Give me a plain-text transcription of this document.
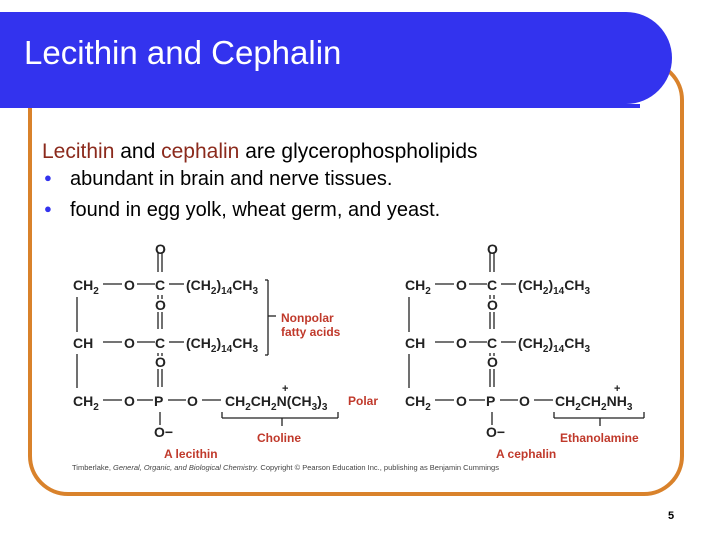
Lecithin and Cephalin
Lecithin and cephalin are glycerophospholipids
● abundant in brain and nerve tissues.
● found in egg yolk, wheat germ, and yeast.
O
$CH_2$ O C $(CH_2)_{14}CH_3$
O
CH O C $(CH_2)_{14}CH_3$
O
$CH_2$ O P O $CH_2CH_2N(CH_3)_3$
+
O−
Nonpolar
fatty acids
Polar
Choline
A lecithin
O
$CH_2$ O C $(CH_2)_{14}CH_3$
O
CH O C $(CH_2)_{14}CH_3$
O
$CH_2$ O P O $CH_2CH_2NH_3$
+
O−	Ethanolamine
A cephalin
Timberlake, General, Organic, and Biological Chemistry. Copyright © Pearson Education Inc., publishing as Benjamin Cummings
5
